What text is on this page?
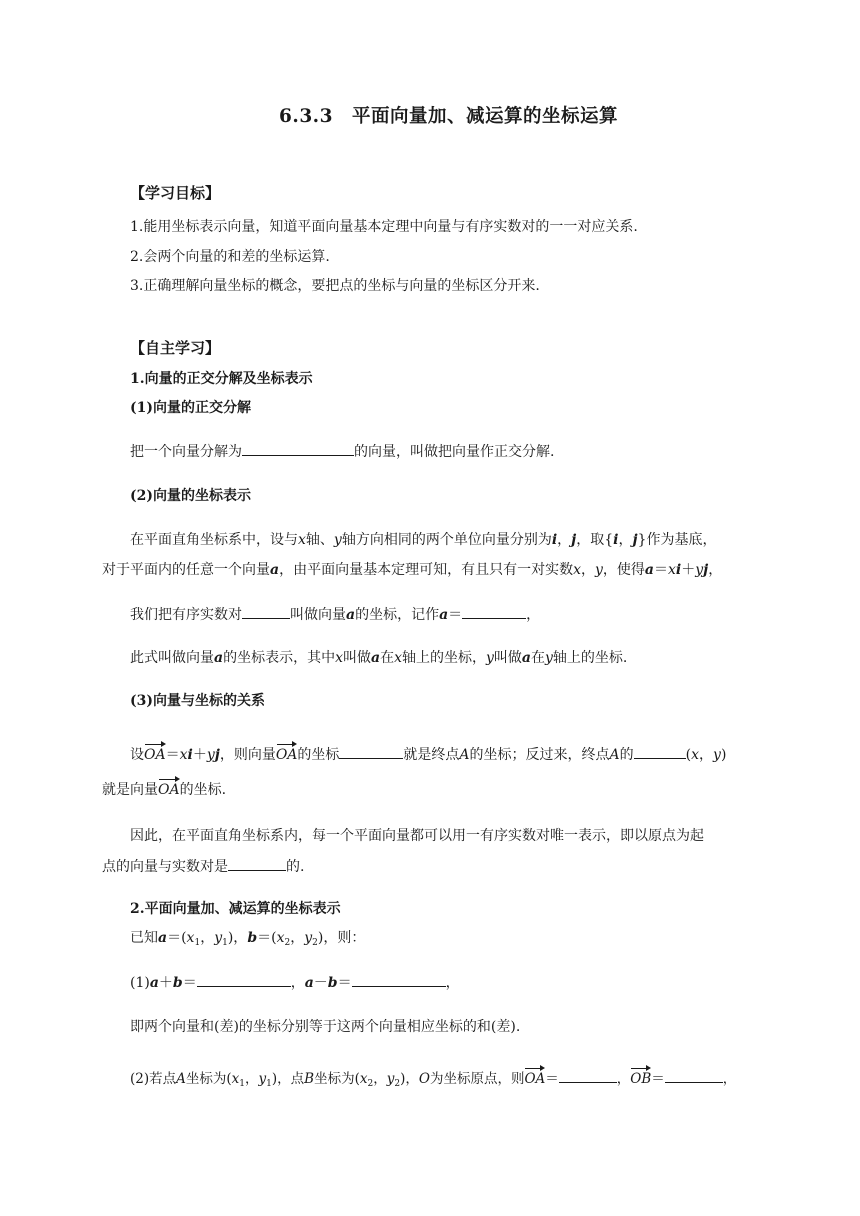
6.3.3　平面向量加、减运算的坐标运算
【学习目标】
1.能用坐标表示向量，知道平面向量基本定理中向量与有序实数对的一一对应关系.
2.会两个向量的和差的坐标运算.
3.正确理解向量坐标的概念，要把点的坐标与向量的坐标区分开来.
【自主学习】
1.向量的正交分解及坐标表示
(1)向量的正交分解
把一个向量分解为	的向量，叫做把向量作正交分解.
(2)向量的坐标表示
在平面直角坐标系中，设与x轴、y轴方向相同的两个单位向量分别为i，j，取{i，j}作为基底，
对于平面内的任意一个向量a，由平面向量基本定理可知，有且只有一对实数x，y，使得a＝xi＋yj，
我们把有序实数对	叫做向量a的坐标，记作a＝	，
此式叫做向量a的坐标表示，其中x叫做a在x轴上的坐标，y叫做a在y轴上的坐标.
(3)向量与坐标的关系
设OA＝xi＋yj，则向量OA的坐标	就是终点A的坐标；反过来，终点A的	(x，y)
就是向量OA的坐标.
因此，在平面直角坐标系内，每一个平面向量都可以用一有序实数对唯一表示，即以原点为起
点的向量与实数对是	的.
2.平面向量加、减运算的坐标表示
已知$a=(x_1$，$y_1$)，$b=(x_2$，$y_2$)，则：
(1)a＋b＝	，a－b＝	，
即两个向量和(差)的坐标分别等于这两个向量相应坐标的和(差).
(2)若点A坐标为($x_1$，$y_1$)，点B坐标为($x_2$，$y_2$)，O为坐标原点，则OA＝	，OB＝	，
